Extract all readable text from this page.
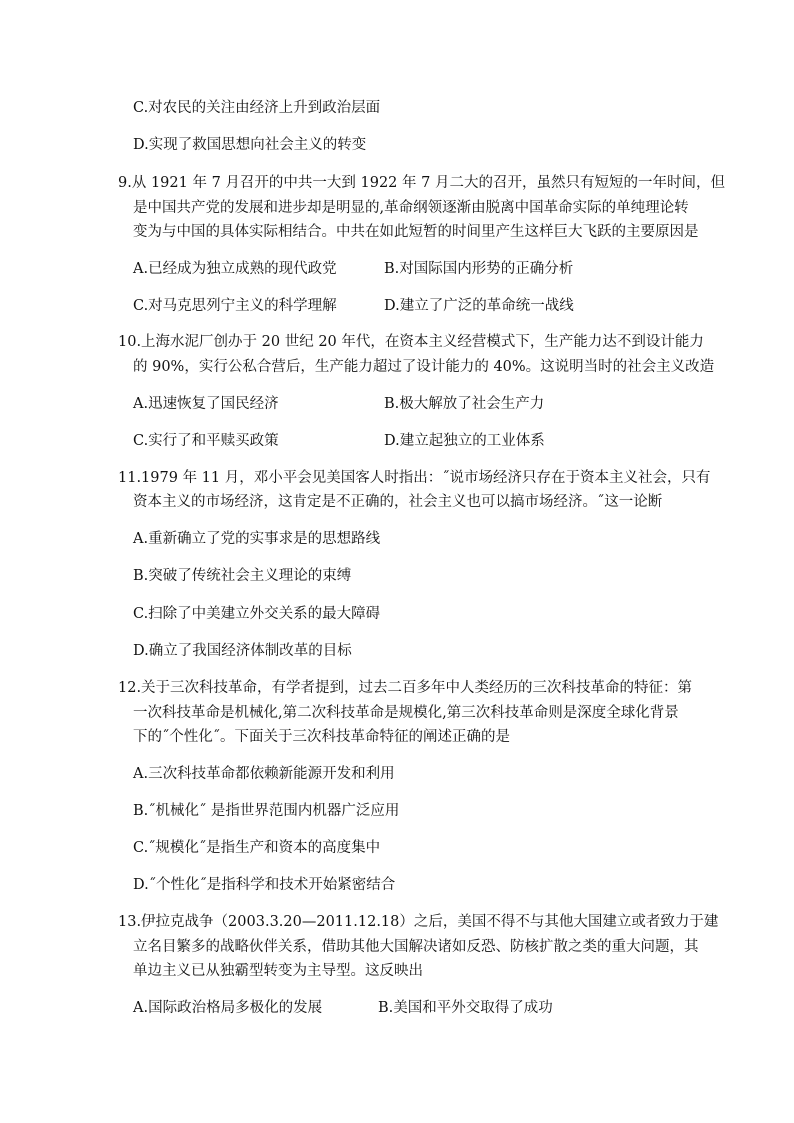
C.对农民的关注由经济上升到政治层面
D.实现了救国思想向社会主义的转变
9.从 1921 年 7 月召开的中共一大到 1922 年 7 月二大的召开，虽然只有短短的一年时间，但
是中国共产党的发展和进步却是明显的,革命纲领逐渐由脱离中国革命实际的单纯理论转
变为与中国的具体实际相结合。中共在如此短暂的时间里产生这样巨大飞跃的主要原因是
A.已经成为独立成熟的现代政党	B.对国际国内形势的正确分析
C.对马克思列宁主义的科学理解	D.建立了广泛的革命统一战线
10.上海水泥厂创办于 20 世纪 20 年代，在资本主义经营模式下，生产能力达不到设计能力
的 90%，实行公私合营后，生产能力超过了设计能力的 40%。这说明当时的社会主义改造
A.迅速恢复了国民经济	B.极大解放了社会生产力
C.实行了和平赎买政策	D.建立起独立的工业体系
11.1979 年 11 月，邓小平会见美国客人时指出：˝说市场经济只存在于资本主义社会，只有
资本主义的市场经济，这肯定是不正确的，社会主义也可以搞市场经济。˝这一论断
A.重新确立了党的实事求是的思想路线
B.突破了传统社会主义理论的束缚
C.扫除了中美建立外交关系的最大障碍
D.确立了我国经济体制改革的目标
12.关于三次科技革命，有学者提到，过去二百多年中人类经历的三次科技革命的特征：第
一次科技革命是机械化,第二次科技革命是规模化,第三次科技革命则是深度全球化背景
下的˝个性化˝。下面关于三次科技革命特征的阐述正确的是
A.三次科技革命都依赖新能源开发和利用
B.˝机械化˝ 是指世界范围内机器广泛应用
C.˝规模化˝是指生产和资本的高度集中
D.˝个性化˝是指科学和技术开始紧密结合
13.伊拉克战争（2003.3.20—2011.12.18）之后，美国不得不与其他大国建立或者致力于建
立名目繁多的战略伙伴关系，借助其他大国解决诸如反恐、防核扩散之类的重大问题，其
单边主义已从独霸型转变为主导型。这反映出
A.国际政治格局多极化的发展	B.美国和平外交取得了成功
